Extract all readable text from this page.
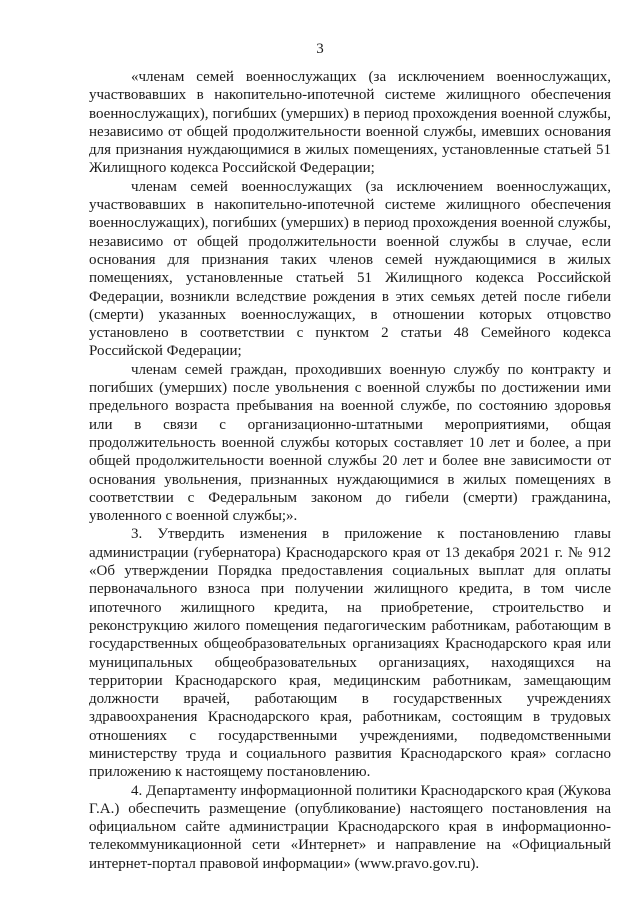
3

«членам семей военнослужащих (за исключением военнослужащих, участвовавших в накопительно-ипотечной системе жилищного обеспечения военнослужащих), погибших (умерших) в период прохождения военной службы, независимо от общей продолжительности военной службы, имевших основания для признания нуждающимися в жилых помещениях, установленные статьей 51 Жилищного кодекса Российской Федерации;

членам семей военнослужащих (за исключением военнослужащих, участвовавших в накопительно-ипотечной системе жилищного обеспечения военнослужащих), погибших (умерших) в период прохождения военной службы, независимо от общей продолжительности военной службы в случае, если основания для признания таких членов семей нуждающимися в жилых помещениях, установленные статьей 51 Жилищного кодекса Российской Федерации, возникли вследствие рождения в этих семьях детей после гибели (смерти) указанных военнослужащих, в отношении которых отцовство установлено в соответствии с пунктом 2 статьи 48 Семейного кодекса Российской Федерации;

членам семей граждан, проходивших военную службу по контракту и погибших (умерших) после увольнения с военной службы по достижении ими предельного возраста пребывания на военной службе, по состоянию здоровья или в связи с организационно-штатными мероприятиями, общая продолжительность военной службы которых составляет 10 лет и более, а при общей продолжительности военной службы 20 лет и более вне зависимости от основания увольнения, признанных нуждающимися в жилых помещениях в соответствии с Федеральным законом до гибели (смерти) гражданина, уволенного с военной службы;».

3. Утвердить изменения в приложение к постановлению главы администрации (губернатора) Краснодарского края от 13 декабря 2021 г. № 912 «Об утверждении Порядка предоставления социальных выплат для оплаты первоначального взноса при получении жилищного кредита, в том числе ипотечного жилищного кредита, на приобретение, строительство и реконструкцию жилого помещения педагогическим работникам, работающим в государственных общеобразовательных организациях Краснодарского края или муниципальных общеобразовательных организациях, находящихся на территории Краснодарского края, медицинским работникам, замещающим должности врачей, работающим в государственных учреждениях здравоохранения Краснодарского края, работникам, состоящим в трудовых отношениях с государственными учреждениями, подведомственными министерству труда и социального развития Краснодарского края» согласно приложению к настоящему постановлению.

4. Департаменту информационной политики Краснодарского края (Жукова Г.А.) обеспечить размещение (опубликование) настоящего постановления на официальном сайте администрации Краснодарского края в информационно-телекоммуникационной сети «Интернет» и направление на «Официальный интернет-портал правовой информации» (www.pravo.gov.ru).
